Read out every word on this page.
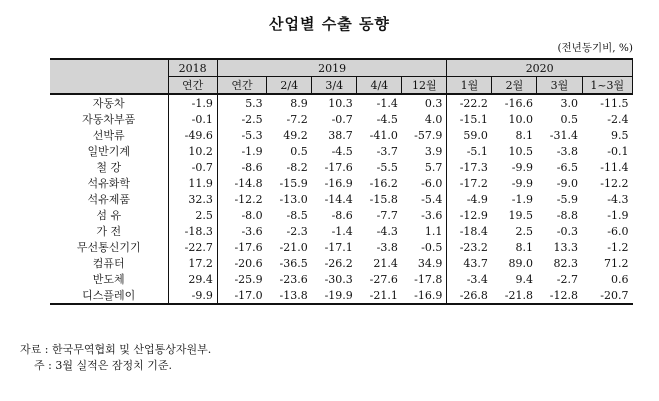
산업별 수출 동향
(전년동기비, %)
	2018	2019					2020			
	연간	연간	2/4	3/4	4/4	12월	1월	2월	3월	1~3월
자동차	-1.9	5.3	8.9	10.3	-1.4	0.3	-22.2	-16.6	3.0	-11.5
자동차부품	-0.1	-2.5	-7.2	-0.7	-4.5	4.0	-15.1	10.0	0.5	-2.4
선박류	-49.6	-5.3	49.2	38.7	-41.0	-57.9	59.0	8.1	-31.4	9.5
일반기계	10.2	-1.9	0.5	-4.5	-3.7	3.9	-5.1	10.5	-3.8	-0.1
철 강	-0.7	-8.6	-8.2	-17.6	-5.5	5.7	-17.3	-9.9	-6.5	-11.4
석유화학	11.9	-14.8	-15.9	-16.9	-16.2	-6.0	-17.2	-9.9	-9.0	-12.2
석유제품	32.3	-12.2	-13.0	-14.4	-15.8	-5.4	-4.9	-1.9	-5.9	-4.3
섬 유	2.5	-8.0	-8.5	-8.6	-7.7	-3.6	-12.9	19.5	-8.8	-1.9
가 전	-18.3	-3.6	-2.3	-1.4	-4.3	1.1	-18.4	2.5	-0.3	-6.0
무선통신기기	-22.7	-17.6	-21.0	-17.1	-3.8	-0.5	-23.2	8.1	13.3	-1.2
컴퓨터	17.2	-20.6	-36.5	-26.2	21.4	34.9	43.7	89.0	82.3	71.2
반도체	29.4	-25.9	-23.6	-30.3	-27.6	-17.8	-3.4	9.4	-2.7	0.6
디스플레이	-9.9	-17.0	-13.8	-19.9	-21.1	-16.9	-26.8	-21.8	-12.8	-20.7
자료 : 한국무역협회 및 산업통상자원부.
주 : 3월 실적은 잠정치 기준.
